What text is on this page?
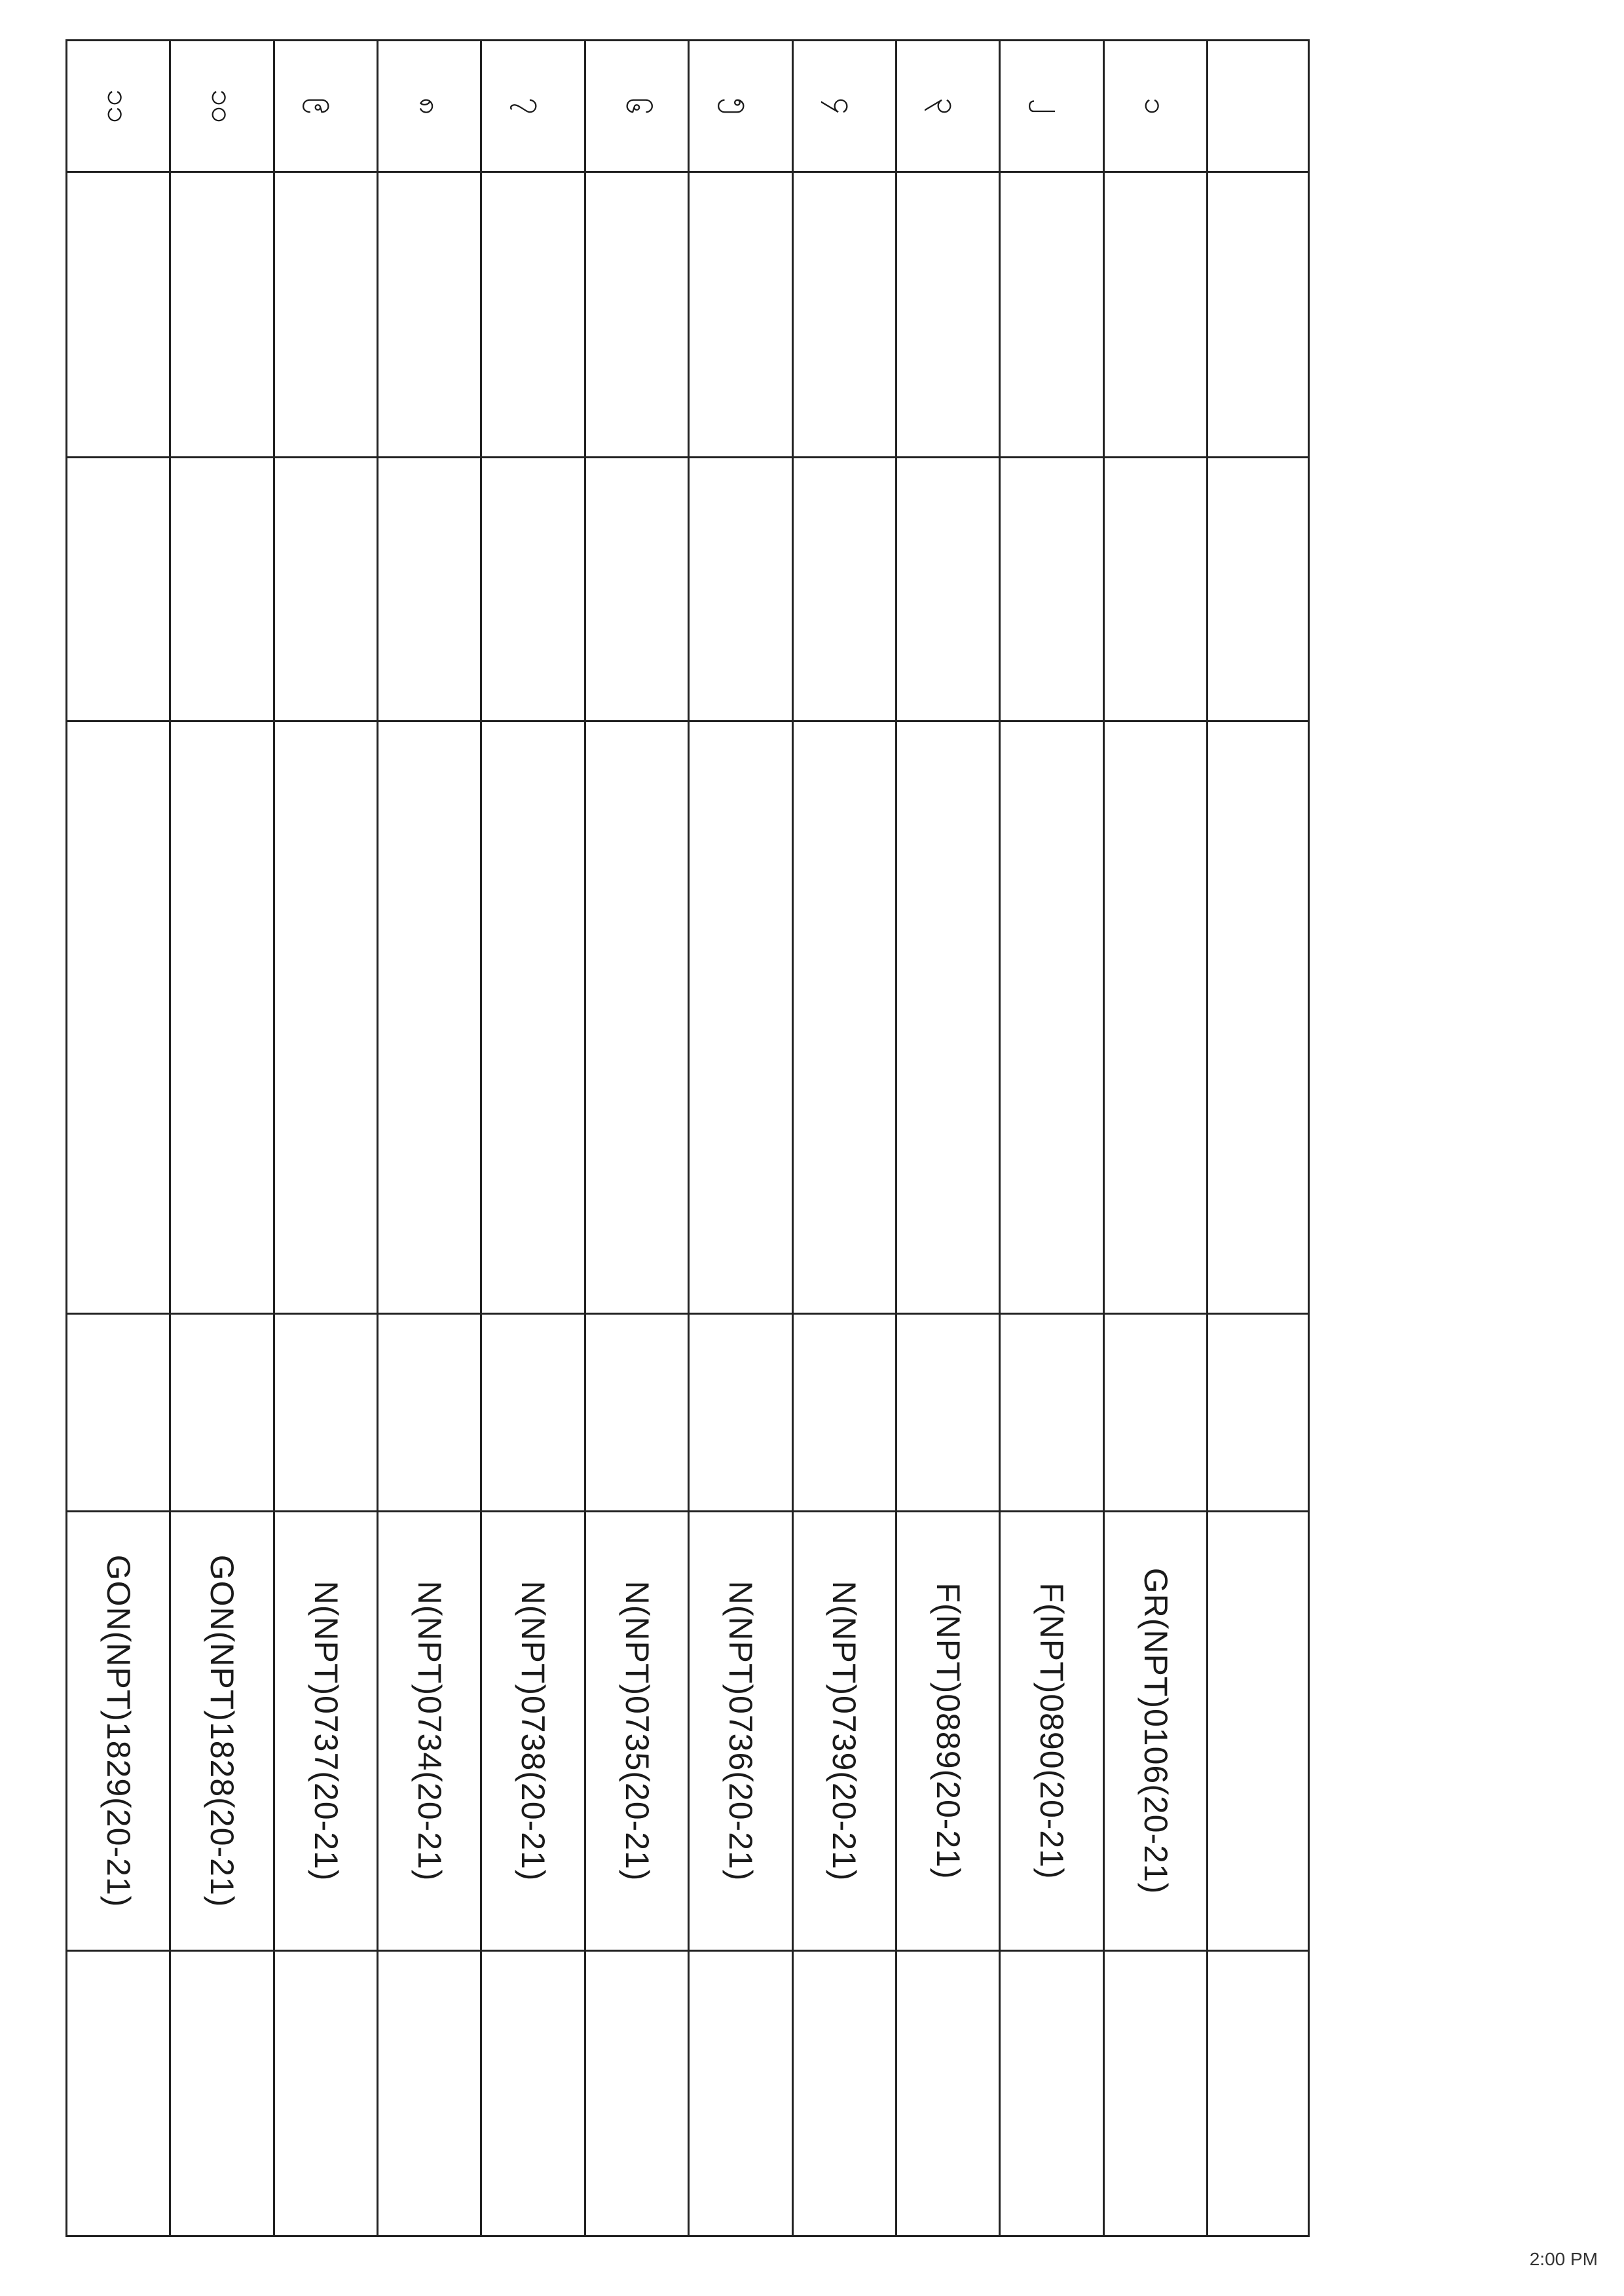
၁					GR(NPT)0106(20-21)	
၂					F(NPT)0890(20-21)	
၃					F(NPT)0889(20-21)	
၄					N(NPT)0739(20-21)	
၅					N(NPT)0736(20-21)	
၆					N(NPT)0735(20-21)	
၇					N(NPT)0738(20-21)	
၈					N(NPT)0734(20-21)	
၉					N(NPT)0737(20-21)	
၁၀					GON(NPT)1828(20-21)	
၁၁					GON(NPT)1829(20-21)	
2:00 PM
